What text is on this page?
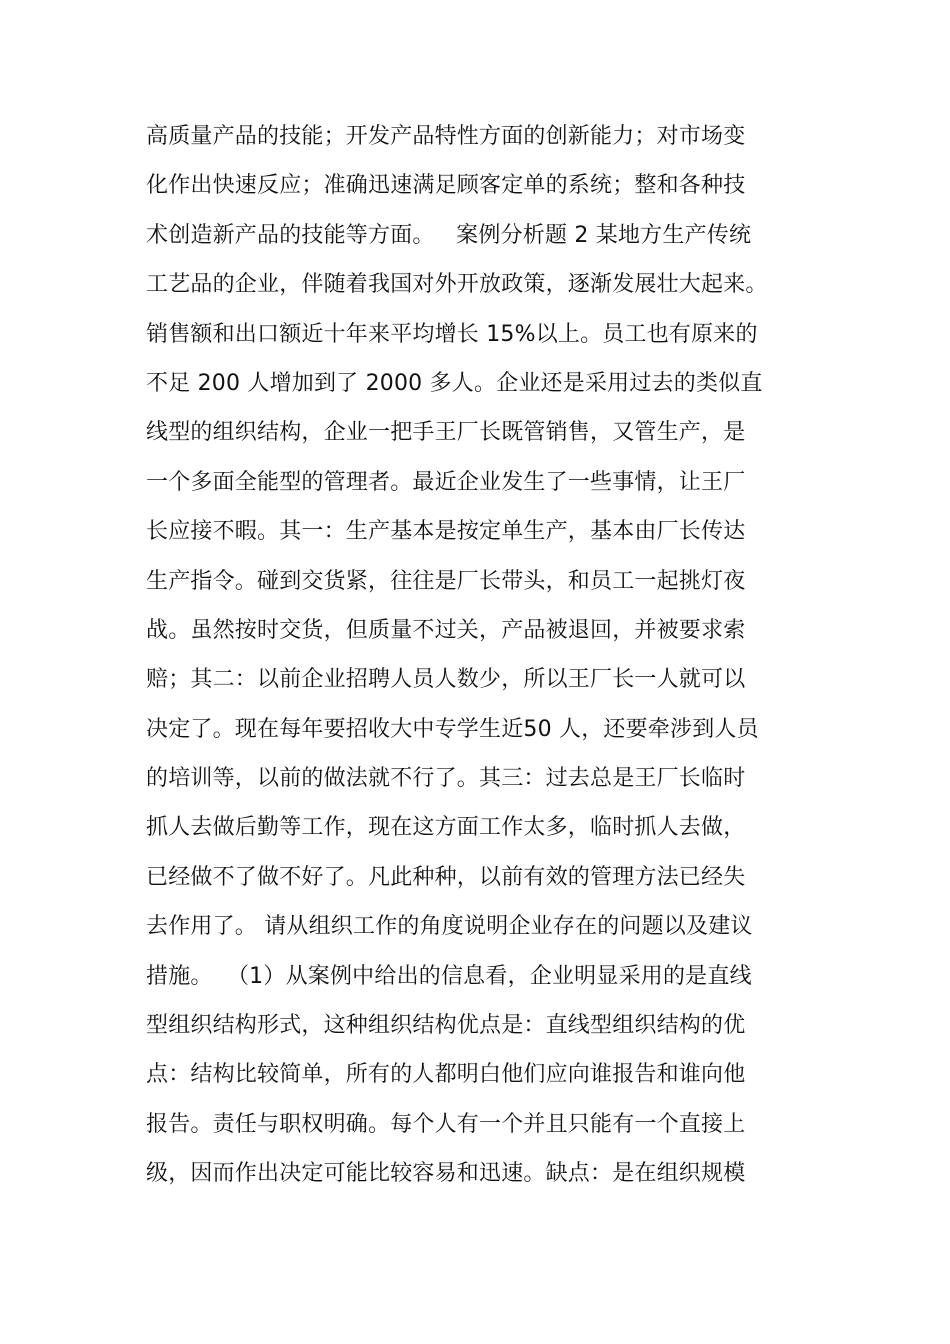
高质量产品的技能；开发产品特性方面的创新能力；对市场变
化作出快速反应；准确迅速满足顾客定单的系统；整和各种技
术创造新产品的技能等方面。   案例分析题 2 某地方生产传统
工艺品的企业，伴随着我国对外开放政策，逐渐发展壮大起来。
销售额和出口额近十年来平均增长 15%以上。员工也有原来的
不足 200 人增加到了 2000 多人。企业还是采用过去的类似直
线型的组织结构，企业一把手王厂长既管销售，又管生产，是
一个多面全能型的管理者。最近企业发生了一些事情，让王厂
长应接不暇。其一：生产基本是按定单生产，基本由厂长传达
生产指令。碰到交货紧，往往是厂长带头，和员工一起挑灯夜
战。虽然按时交货，但质量不过关，产品被退回，并被要求索
赔；其二：以前企业招聘人员人数少，所以王厂长一人就可以
决定了。现在每年要招收大中专学生近50 人，还要牵涉到人员
的培训等，以前的做法就不行了。其三：过去总是王厂长临时
抓人去做后勤等工作，现在这方面工作太多，临时抓人去做，
已经做不了做不好了。凡此种种，以前有效的管理方法已经失
去作用了。 请从组织工作的角度说明企业存在的问题以及建议
措施。  （1）从案例中给出的信息看，企业明显采用的是直线
型组织结构形式，这种组织结构优点是：直线型组织结构的优
点：结构比较简单，所有的人都明白他们应向谁报告和谁向他
报告。责任与职权明确。每个人有一个并且只能有一个直接上
级，因而作出决定可能比较容易和迅速。缺点：是在组织规模
